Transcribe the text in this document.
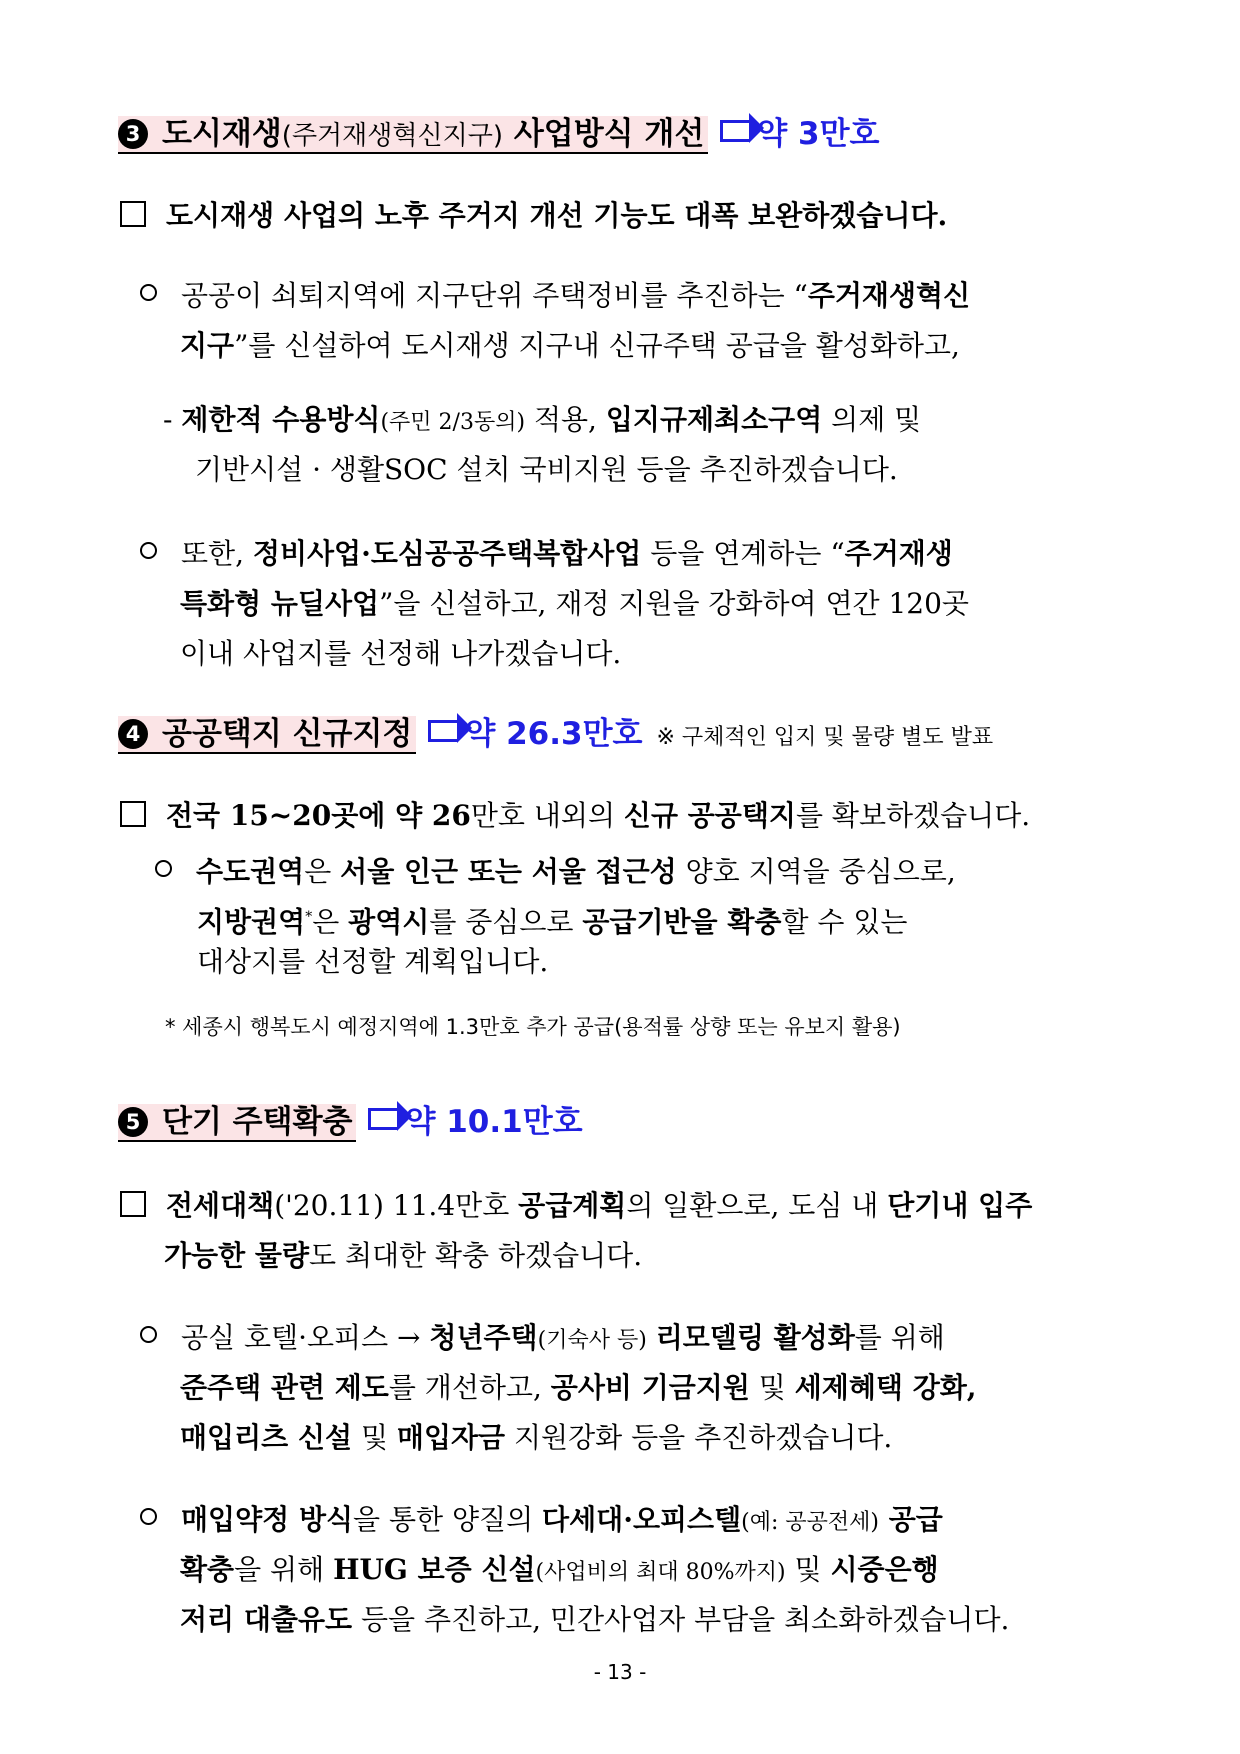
3 도시재생(주거재생혁신지구) 사업방식 개선 약 3만호
도시재생 사업의 노후 주거지 개선 기능도 대폭 보완하겠습니다.
공공이 쇠퇴지역에 지구단위 주택정비를 추진하는 “주거재생혁신
지구”를 신설하여 도시재생 지구내 신규주택 공급을 활성화하고,
- 제한적 수용방식(주민 2/3동의) 적용, 입지규제최소구역 의제 및
기반시설 · 생활SOC 설치 국비지원 등을 추진하겠습니다.
또한, 정비사업·도심공공주택복합사업 등을 연계하는 “주거재생
특화형 뉴딜사업”을 신설하고, 재정 지원을 강화하여 연간 120곳
이내 사업지를 선정해 나가겠습니다.
4 공공택지 신규지정 약 26.3만호 ※ 구체적인 입지 및 물량 별도 발표
전국 15~20곳에 약 26만호 내외의 신규 공공택지를 확보하겠습니다.
수도권역은 서울 인근 또는 서울 접근성 양호 지역을 중심으로,
지방권역*은 광역시를 중심으로 공급기반을 확충할 수 있는
대상지를 선정할 계획입니다.
* 세종시 행복도시 예정지역에 1.3만호 추가 공급(용적률 상향 또는 유보지 활용)
5 단기 주택확충 약 10.1만호
전세대책('20.11) 11.4만호 공급계획의 일환으로, 도심 내 단기내 입주
가능한 물량도 최대한 확충 하겠습니다.
공실 호텔·오피스 → 청년주택(기숙사 등) 리모델링 활성화를 위해
준주택 관련 제도를 개선하고, 공사비 기금지원 및 세제혜택 강화,
매입리츠 신설 및 매입자금 지원강화 등을 추진하겠습니다.
매입약정 방식을 통한 양질의 다세대·오피스텔(예: 공공전세) 공급
확충을 위해 HUG 보증 신설(사업비의 최대 80%까지) 및 시중은행
저리 대출유도 등을 추진하고, 민간사업자 부담을 최소화하겠습니다.
- 13 -
